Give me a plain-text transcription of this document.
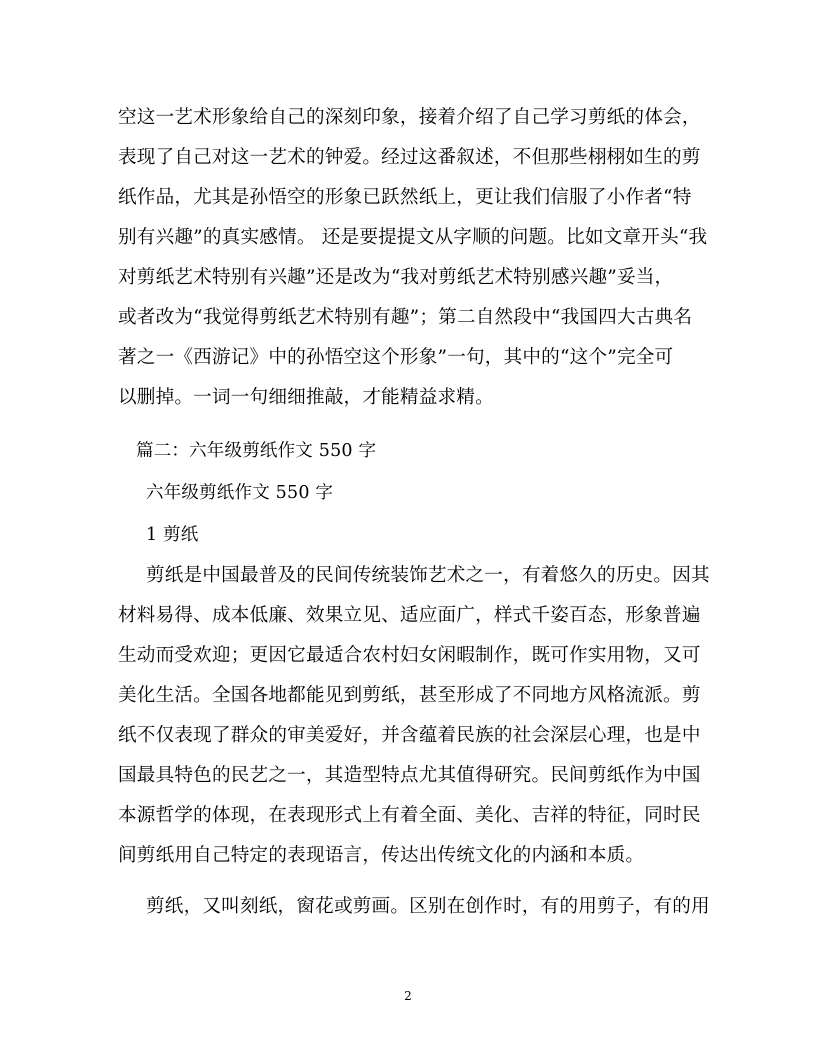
空这一艺术形象给自己的深刻印象，接着介绍了自己学习剪纸的体会，

表现了自己对这一艺术的钟爱。经过这番叙述，不但那些栩栩如生的剪

纸作品，尤其是孙悟空的形象已跃然纸上，更让我们信服了小作者“特

别有兴趣”的真实感情。 还是要提提文从字顺的问题。比如文章开头“我

对剪纸艺术特别有兴趣”还是改为“我对剪纸艺术特别感兴趣”妥当，

或者改为“我觉得剪纸艺术特别有趣”；第二自然段中“我国四大古典名

著之一《西游记》中的孙悟空这个形象”一句，其中的“这个”完全可

以删掉。一词一句细细推敲，才能精益求精。

篇二：六年级剪纸作文 550 字

六年级剪纸作文 550 字

1 剪纸

剪纸是中国最普及的民间传统装饰艺术之一，有着悠久的历史。因其

材料易得、成本低廉、效果立见、适应面广，样式千姿百态，形象普遍

生动而受欢迎；更因它最适合农村妇女闲暇制作，既可作实用物，又可

美化生活。全国各地都能见到剪纸，甚至形成了不同地方风格流派。剪

纸不仅表现了群众的审美爱好，并含蕴着民族的社会深层心理，也是中

国最具特色的民艺之一，其造型特点尤其值得研究。民间剪纸作为中国

本源哲学的体现，在表现形式上有着全面、美化、吉祥的特征，同时民

间剪纸用自己特定的表现语言，传达出传统文化的内涵和本质。

剪纸，又叫刻纸，窗花或剪画。区别在创作时，有的用剪子，有的用

2
